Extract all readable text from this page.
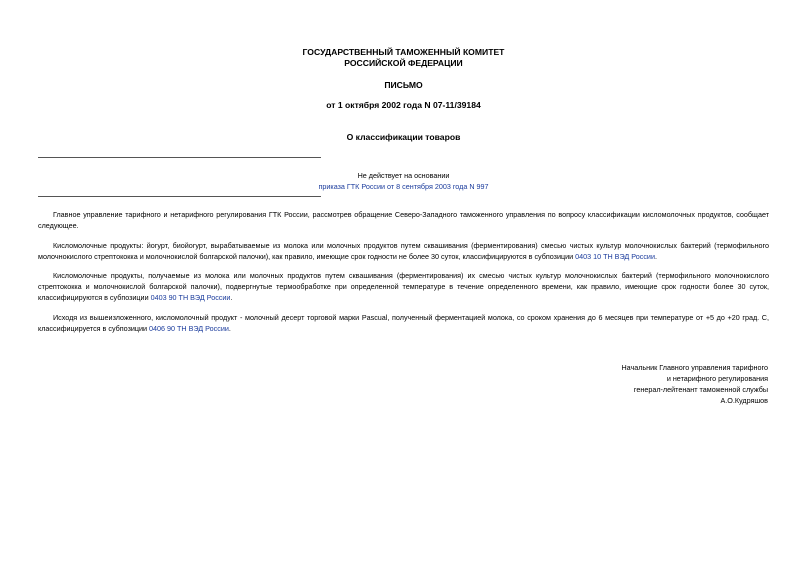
ГОСУДАРСТВЕННЫЙ ТАМОЖЕННЫЙ КОМИТЕТ
РОССИЙСКОЙ ФЕДЕРАЦИИ
ПИСЬМО
от 1 октября 2002 года N 07-11/39184
О классификации товаров
Не действует на основании
приказа ГТК России от 8 сентября 2003 года N 997

Главное управление тарифного и нетарифного регулирования ГТК России, рассмотрев обращение Северо-Западного таможенного управления по вопросу классификации кисломолочных продуктов, сообщает следующее.

Кисломолочные продукты: йогурт, биойогурт, вырабатываемые из молока или молочных продуктов путем сквашивания (ферментирования) смесью чистых культур молочнокислых бактерий (термофильного молочнокислого стрептококка и молочнокислой болгарской палочки), как правило, имеющие срок годности не более 30 суток, классифицируются в субпозиции 0403 10 ТН ВЭД России.

Кисломолочные продукты, получаемые из молока или молочных продуктов путем сквашивания (ферментирования) их смесью чистых культур молочнокислых бактерий (термофильного молочнокислого стрептококка и молочнокислой болгарской палочки), подвергнутые термообработке при определенной температуре в течение определенного времени, как правило, имеющие срок годности более 30 суток, классифицируются в субпозиции 0403 90 ТН ВЭД России.

Исходя из вышеизложенного, кисломолочный продукт - молочный десерт торговой марки Pascual, полученный ферментацией молока, со сроком хранения до 6 месяцев при температуре от +5 до +20 град. С, классифицируется в субпозиции 0406 90 ТН ВЭД России.

Начальник Главного управления тарифного
и нетарифного регулирования
генерал-лейтенант таможенной службы
А.О.Кудряшов
